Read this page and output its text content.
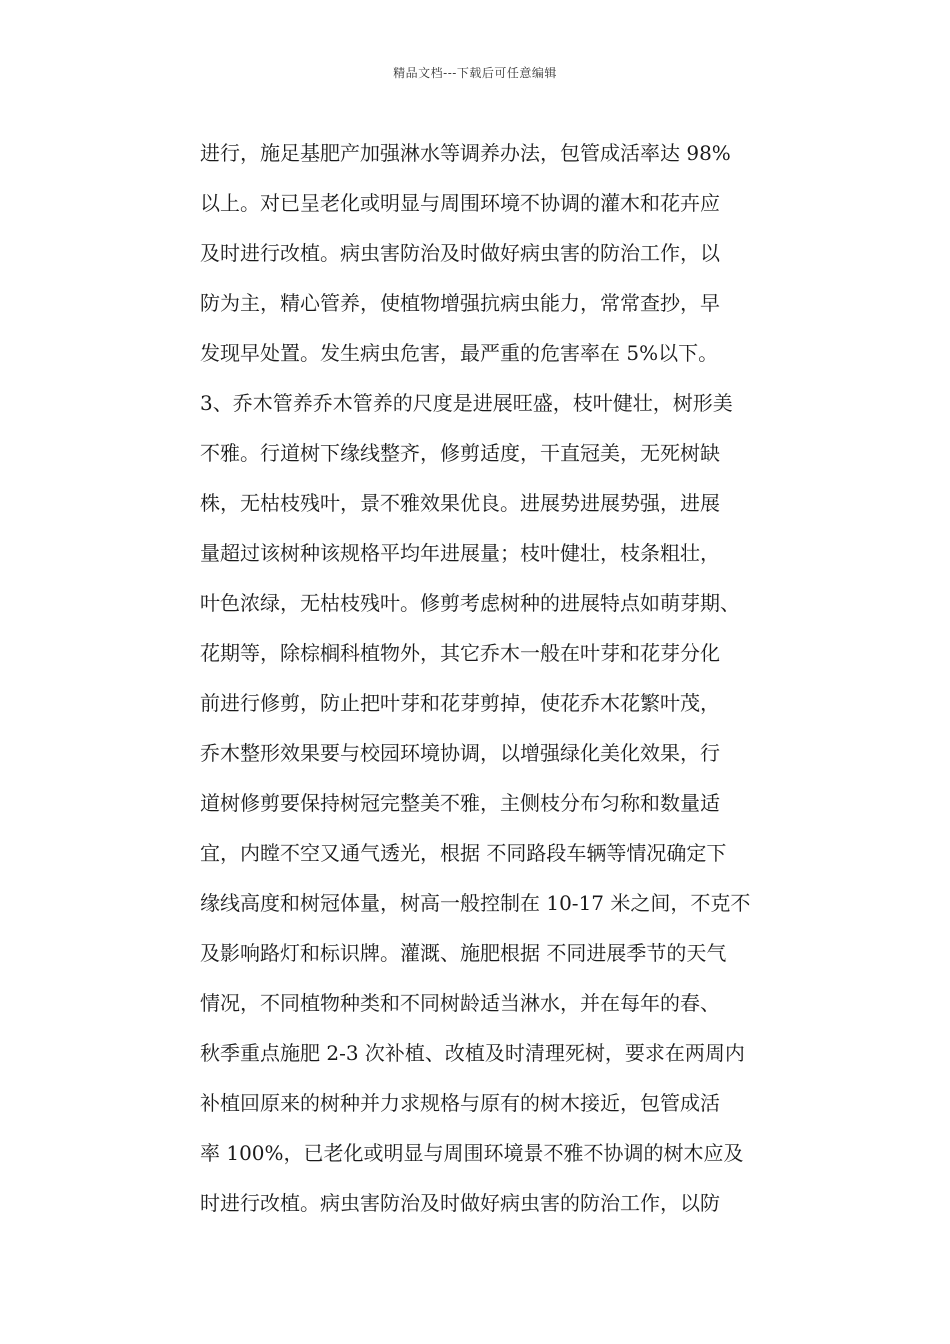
精品文档---下载后可任意编辑
进行，施足基肥产加强淋水等调养办法，包管成活率达 98%
以上。对已呈老化或明显与周围环境不协调的灌木和花卉应
及时进行改植。病虫害防治及时做好病虫害的防治工作，以
防为主，精心管养，使植物增强抗病虫能力，常常查抄，早
发现早处置。发生病虫危害，最严重的危害率在 5%以下。
3、乔木管养乔木管养的尺度是进展旺盛，枝叶健壮，树形美
不雅。行道树下缘线整齐，修剪适度，干直冠美，无死树缺
株，无枯枝残叶，景不雅效果优良。进展势进展势强，进展
量超过该树种该规格平均年进展量；枝叶健壮，枝条粗壮，
叶色浓绿，无枯枝残叶。修剪考虑树种的进展特点如萌芽期、
花期等，除棕榈科植物外，其它乔木一般在叶芽和花芽分化
前进行修剪，防止把叶芽和花芽剪掉，使花乔木花繁叶茂，
乔木整形效果要与校园环境协调，以增强绿化美化效果，行
道树修剪要保持树冠完整美不雅，主侧枝分布匀称和数量适
宜，内瞠不空又通气透光，根据 不同路段车辆等情况确定下
缘线高度和树冠体量，树高一般控制在 10-17 米之间，不克不
及影响路灯和标识牌。灌溉、施肥根据 不同进展季节的天气
情况，不同植物种类和不同树龄适当淋水，并在每年的春、
秋季重点施肥 2-3 次补植、改植及时清理死树，要求在两周内
补植回原来的树种并力求规格与原有的树木接近，包管成活
率 100%，已老化或明显与周围环境景不雅不协调的树木应及
时进行改植。病虫害防治及时做好病虫害的防治工作，以防
